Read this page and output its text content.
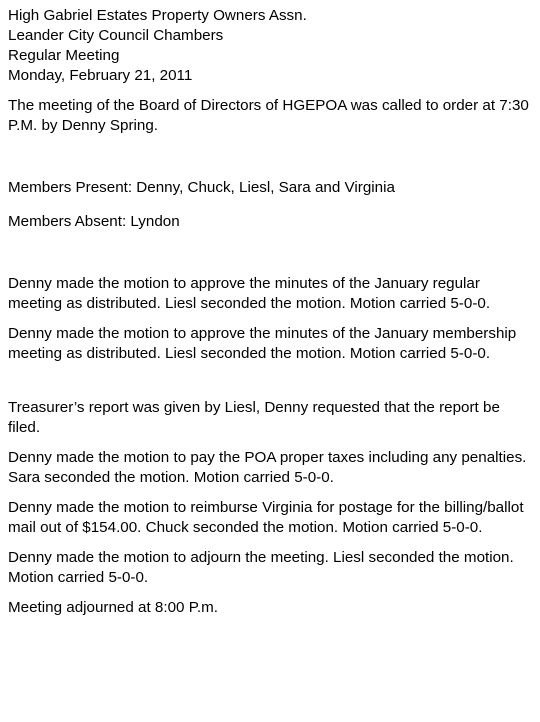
High Gabriel Estates Property Owners Assn.
Leander City Council Chambers
Regular Meeting
Monday, February 21, 2011
The meeting of the Board of Directors of HGEPOA was called to order at 7:30 P.M. by Denny Spring.
Members Present: Denny, Chuck, Liesl, Sara and Virginia
Members Absent: Lyndon
Denny made the motion to approve the minutes of the January regular meeting as distributed. Liesl seconded the motion. Motion carried 5-0-0.
Denny made the motion to approve the minutes of the January membership meeting as distributed. Liesl seconded the motion. Motion carried 5-0-0.
Treasurer’s report was given by Liesl, Denny requested that the report be filed.
Denny made the motion to pay the POA proper taxes including any penalties.
Sara seconded the motion. Motion carried 5-0-0.
Denny made the motion to reimburse Virginia for postage for the billing/ballot mail out of $154.00. Chuck seconded the motion. Motion carried 5-0-0.
Denny made the motion to adjourn the meeting. Liesl seconded the motion. Motion carried 5-0-0.
Meeting adjourned at 8:00 P.m.
